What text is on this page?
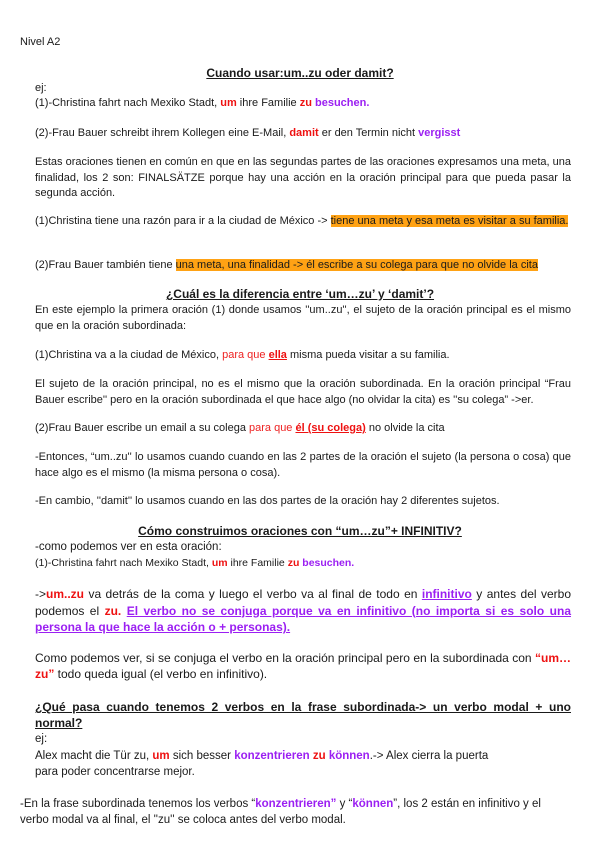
Nivel A2
Cuando usar:um..zu oder damit?
ej:
(1)-Christina fahrt nach Mexiko Stadt, um ihre Familie zu besuchen.
(2)-Frau Bauer schreibt ihrem Kollegen eine E-Mail, damit er den Termin nicht vergisst
Estas oraciones tienen en común en que en las segundas partes de las oraciones expresamos una meta, una finalidad, los 2 son: FINALSÄTZE porque hay una acción en la oración principal para que pueda pasar la segunda acción.
(1)Christina tiene una razón para ir a la ciudad de México -> tiene una meta y esa meta es visitar a su familia.
(2)Frau Bauer también tiene una meta, una finalidad -> él escribe a su colega para que no olvide la cita
¿Cuál es la diferencia entre ‘um…zu’ y ‘damit’?
En este ejemplo la primera oración (1) donde usamos ''um..zu'', el sujeto de la oración principal es el mismo que en la oración subordinada:
(1)Christina va a la ciudad de México, para que ella misma pueda visitar a su familia.
El sujeto de la oración principal, no es el mismo que la oración subordinada. En la oración principal “Frau Bauer escribe'' pero en la oración subordinada el que hace algo (no olvidar la cita) es ''su colega” ->er.
(2)Frau Bauer escribe un email a su colega para que él (su colega) no olvide la cita
-Entonces, “um..zu'' lo usamos cuando cuando en las 2 partes de la oración el sujeto (la persona o cosa) que hace algo es el mismo (la misma persona o cosa).
-En cambio, ''damit'' lo usamos cuando en las dos partes de la oración hay 2 diferentes sujetos.
Cómo construimos oraciones con “um…zu”+ INFINITIV?
-como podemos ver en esta oración:
(1)-Christina fahrt nach Mexiko Stadt, um ihre Familie zu besuchen.
->um..zu va detrás de la coma y luego el verbo va al final de todo en infinitivo y antes del verbo podemos el zu. El verbo no se conjuga porque va en infinitivo (no importa si es solo una persona la que hace la acción o + personas).
Como podemos ver, si se conjuga el verbo en la oración principal pero en la subordinada con “um…zu” todo queda igual (el verbo en infinitivo).
¿Qué pasa cuando tenemos 2 verbos en la frase subordinada-> un verbo modal + uno normal?
ej:
Alex macht die Tür zu, um sich besser konzentrieren zu können.-> Alex cierra la puerta para poder concentrarse mejor.
-En la frase subordinada tenemos los verbos “konzentrieren” y “können”, los 2 están en infinitivo y el verbo modal va al final, el ''zu'' se coloca antes del verbo modal.
